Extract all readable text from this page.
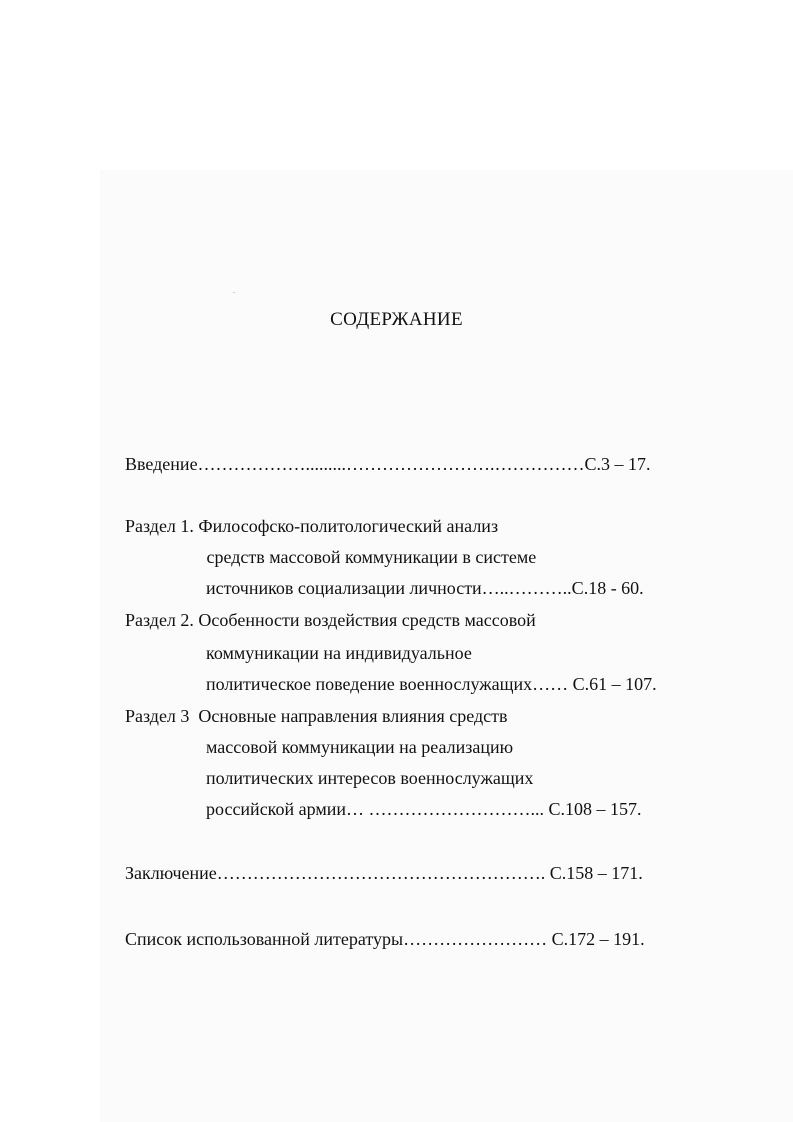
СОДЕРЖАНИЕ
Введение……………….........…………………….……………С.3 – 17.
Раздел 1. Философско-политологический анализ
средств массовой коммуникации в системе
источников социализации личности…..………..С.18 - 60.
Раздел 2. Особенности воздействия средств массовой
коммуникации на индивидуальное
политическое поведение военнослужащих…… С.61 – 107.
Раздел 3  Основные направления влияния средств
массовой коммуникации на реализацию
политических интересов военнослужащих
российской армии… ………………………... С.108 – 157.
Заключение………………………………………………. С.158 – 171.
Список использованной литературы…………………… С.172 – 191.
